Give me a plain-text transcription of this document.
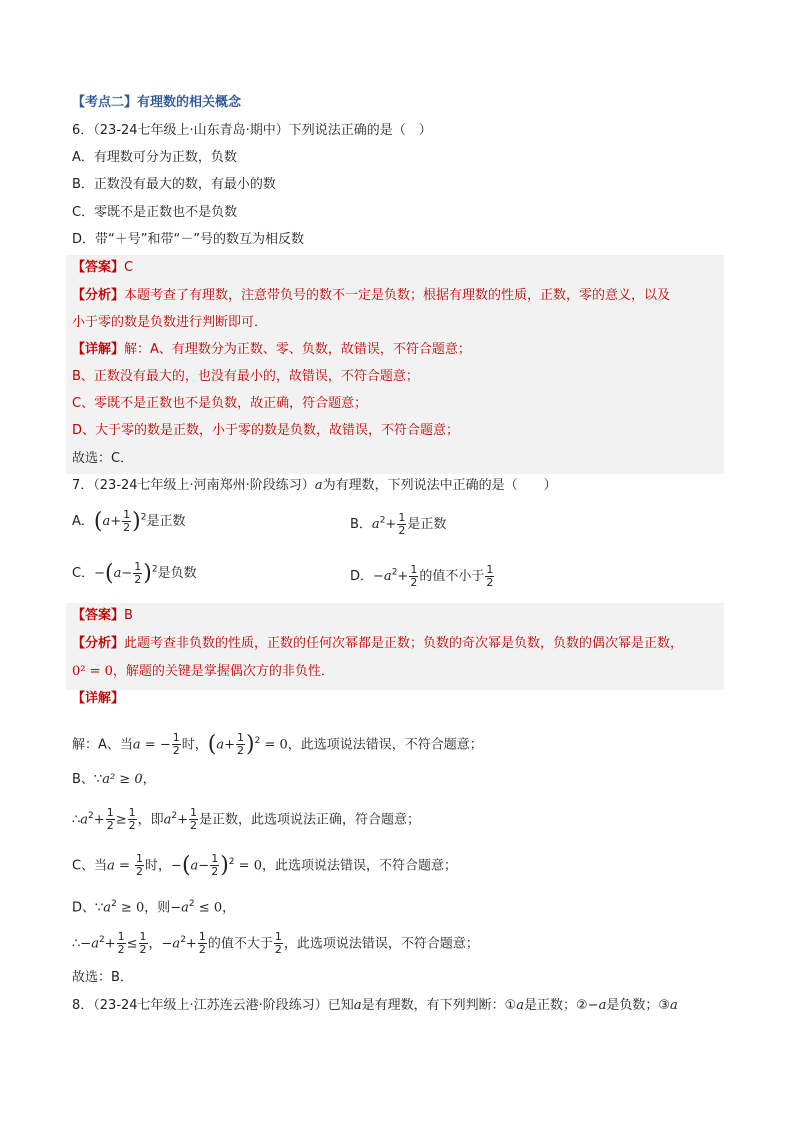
【考点二】有理数的相关概念
6．（23-24七年级上·山东青岛·期中）下列说法正确的是（　）
A．有理数可分为正数，负数
B．正数没有最大的数，有最小的数
C．零既不是正数也不是负数
D．带“＋号”和带“－”号的数互为相反数
【答案】C
【分析】本题考查了有理数，注意带负号的数不一定是负数；根据有理数的性质，正数，零的意义，以及
小于零的数是负数进行判断即可．
【详解】解：A、有理数分为正数、零、负数，故错误，不符合题意；
B、正数没有最大的，也没有最小的，故错误，不符合题意；
C、零既不是正数也不是负数，故正确，符合题意；
D、大于零的数是正数，小于零的数是负数，故错误，不符合题意；
故选：C．
7．（23-24七年级上·河南郑州·阶段练习）a为有理数，下列说法中正确的是（　　）
A．$(a+ \frac{1}{2} )^2$是正数	B．$a^2+ \frac{1}{2}$ 是正数
C．$-(a- \frac{1}{2} )^2$是负数	D．$-a^2+ \frac{1}{2}$ 的值不小于 $\frac{1}{2}$
【答案】B
【分析】此题考查非负数的性质，正数的任何次幂都是正数；负数的奇次幂是负数，负数的偶次幂是正数，
0² = 0，解题的关键是掌握偶次方的非负性．
【详解】
解：A、当a = − $\frac{1}{2}$ 时，$(a+ \frac{1}{2} )^2 = 0$，此选项说法错误，不符合题意；
B、∵a² ≥ 0，
$\therefore a^2+ \frac{1}{2} \ge \frac{1}{2}$ ，即$a^2+ \frac{1}{2}$ 是正数，此选项说法正确，符合题意；
C、当$a = \frac{1}{2}$ 时，$-(a- \frac{1}{2} )^2 = 0$，此选项说法错误，不符合题意；
D、$\because a^2 \ge 0$，则$-a^2 \le 0$，
$\therefore-a^2+ \frac{1}{2} \le \frac{1}{2}$ ，$-a^2+ \frac{1}{2}$ 的值不大于 $\frac{1}{2}$ ，此选项说法错误，不符合题意；
故选：B．
8．（23-24七年级上·江苏连云港·阶段练习）已知a是有理数，有下列判断：①a是正数；②−a是负数；③a
